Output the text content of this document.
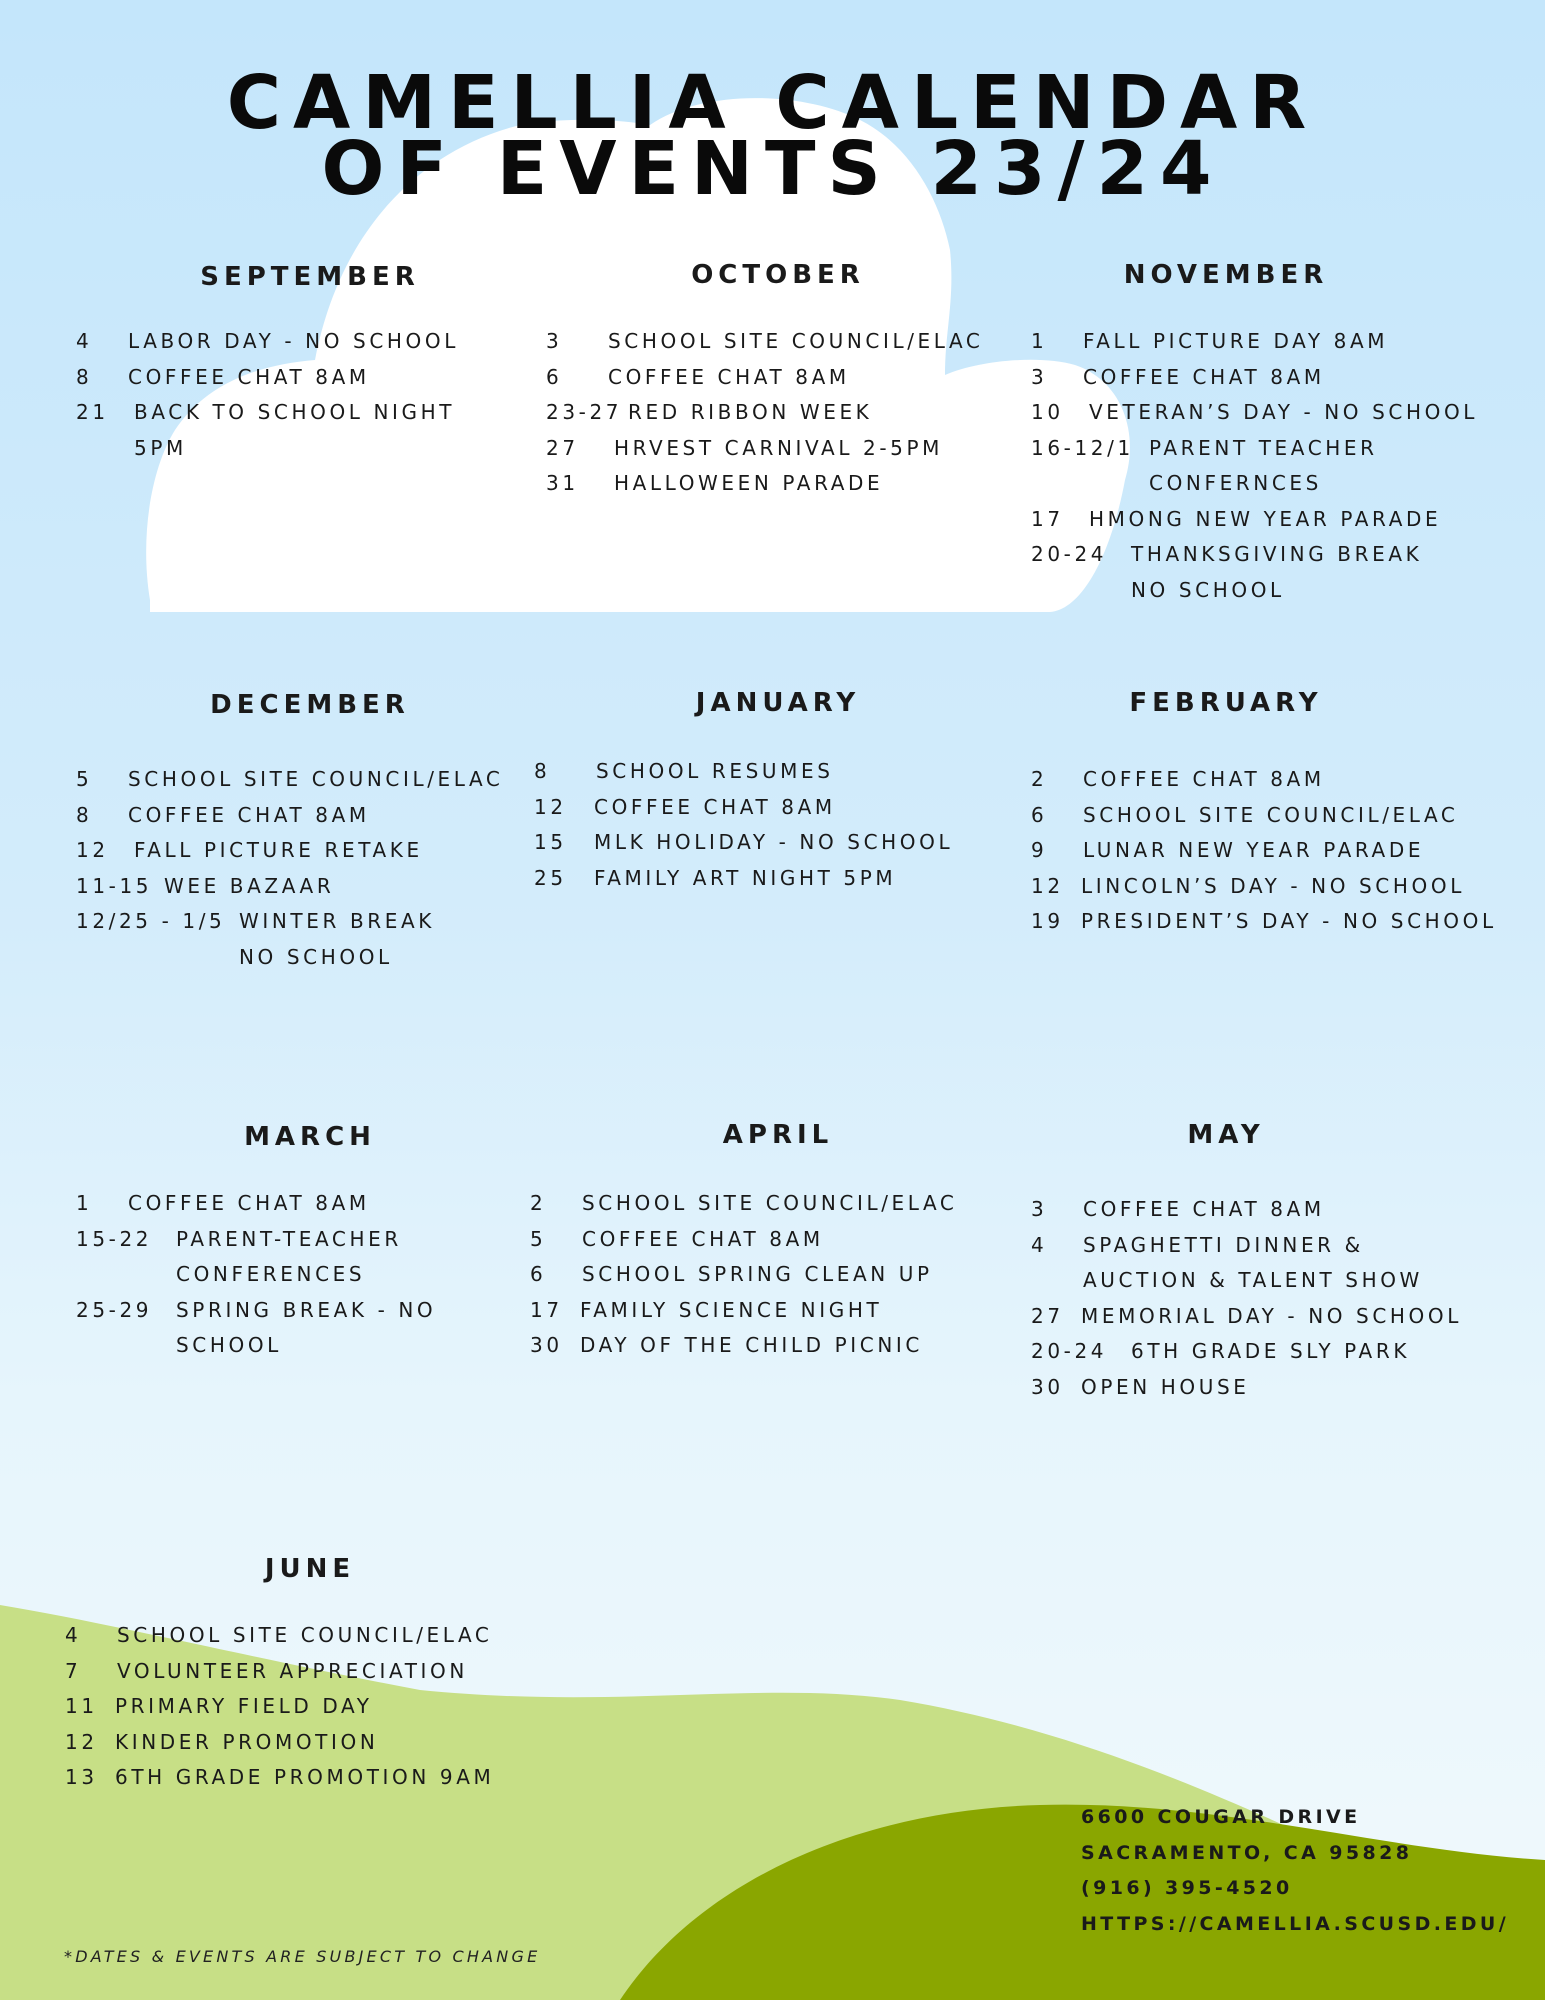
CAMELLIA CALENDAR
OF EVENTS 23/24
SEPTEMBER
4	LABOR DAY - NO SCHOOL
8	COFFEE CHAT 8AM
21	BACK TO SCHOOL NIGHT
5PM
OCTOBER
3	SCHOOL SITE COUNCIL/ELAC
6	COFFEE CHAT 8AM
23-27 RED RIBBON WEEK
27	HRVEST CARNIVAL 2-5PM
31	HALLOWEEN PARADE
NOVEMBER
1	FALL PICTURE DAY 8AM
3	COFFEE CHAT 8AM
10	VETERAN’S DAY - NO SCHOOL
16-12/1 PARENT TEACHER
CONFERNCES
17	HMONG NEW YEAR PARADE
20-24	THANKSGIVING BREAK
NO SCHOOL
DECEMBER
5	SCHOOL SITE COUNCIL/ELAC
8	COFFEE CHAT 8AM
12	FALL PICTURE RETAKE
11-15 WEE BAZAAR
12/25 - 1/5 WINTER BREAK
NO SCHOOL
JANUARY
8	SCHOOL RESUMES
12	COFFEE CHAT 8AM
15	MLK HOLIDAY - NO SCHOOL
25	FAMILY ART NIGHT 5PM
FEBRUARY
2	COFFEE CHAT 8AM
6	SCHOOL SITE COUNCIL/ELAC
9	LUNAR NEW YEAR PARADE
12 LINCOLN’S DAY - NO SCHOOL
19 PRESIDENT’S DAY - NO SCHOOL
MARCH
1	COFFEE CHAT 8AM
15-22	PARENT-TEACHER
CONFERENCES
25-29	SPRING BREAK - NO
SCHOOL
APRIL
2	SCHOOL SITE COUNCIL/ELAC
5	COFFEE CHAT 8AM
6	SCHOOL SPRING CLEAN UP
17 FAMILY SCIENCE NIGHT
30 DAY OF THE CHILD PICNIC
MAY
3	COFFEE CHAT 8AM
4	SPAGHETTI DINNER &
AUCTION & TALENT SHOW
27 MEMORIAL DAY - NO SCHOOL
20-24	6TH GRADE SLY PARK
30 OPEN HOUSE
JUNE
4	SCHOOL SITE COUNCIL/ELAC
7	VOLUNTEER APPRECIATION
11 PRIMARY FIELD DAY
12 KINDER PROMOTION
13 6TH GRADE PROMOTION 9AM
6600 COUGAR DRIVE
SACRAMENTO, CA 95828
(916) 395-4520
HTTPS://CAMELLIA.SCUSD.EDU/
*DATES & EVENTS ARE SUBJECT TO CHANGE
